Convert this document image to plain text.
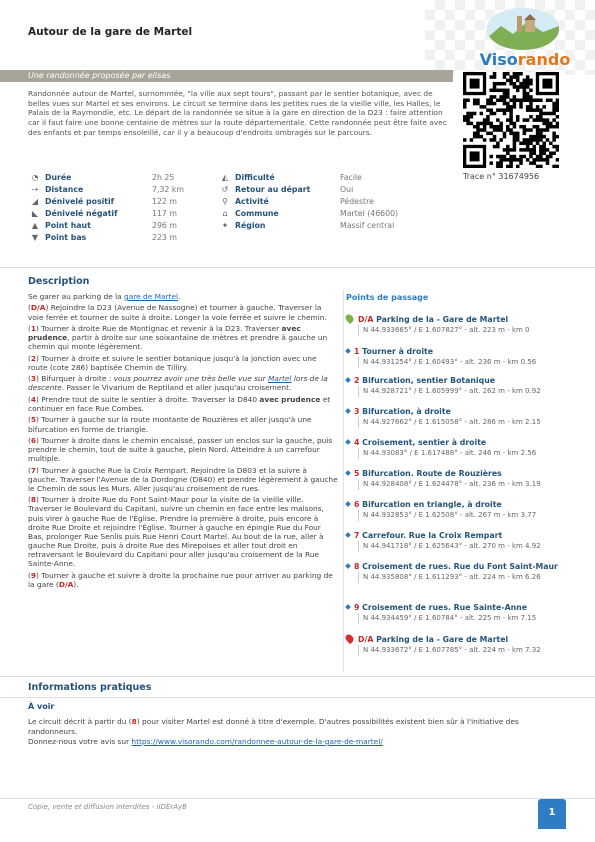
Autour de la gare de Martel
Une randonnée proposée par elisas
Visorando
Trace n° 31674956
Randonnée autour de Martel, surnommée, "la ville aux sept tours", passant par le sentier botanique, avec de belles vues sur Martel et ses environs. Le circuit se termine dans les petites rues de la vieille ville, les Halles, le Palais de la Raymondie, etc. Le départ de la randonnée se situe à la gare en direction de la D23 : faire attention car il faut faire une bonne centaine de mètres sur la route départementale. Cette randonnée peut être faite avec des enfants et par temps ensoleillé, car il y a beaucoup d'endroits ombragés sur le parcours.
◔ Durée	2h 25
⇢ Distance	7,32 km
◢ Dénivelé positif	122 m
◣ Dénivelé négatif	117 m
▲ Point haut	296 m
▼ Point bas	223 m
◭ Difficulté	Facile
↺ Retour au départ	Oui
⚲ Activité	Pédestre
⌂ Commune	Martel (46600)
✦ Région	Massif central
Description

Se garer au parking de la gare de Martel.

(D/A) Rejoindre la D23 (Avenue de Nassogne) et tourner à gauche. Traverser la voie ferrée et tourner de suite à droite. Longer la voie ferrée et suivre le chemin.

(1) Tourner à droite Rue de Montignac et revenir à la D23. Traverser avec prudence, partir à droite sur une soixantaine de mètres et prendre à gauche un chemin qui monte légèrement.

(2) Tourner à droite et suivre le sentier botanique jusqu'à la jonction avec une route (cote 286) baptisée Chemin de Tilliry.

(3) Bifurquer à droite : vous pourrez avoir une très belle vue sur Martel lors de la descente. Passer le Vivarium de Reptiland et aller jusqu'au croisement.

(4) Prendre tout de suite le sentier à droite. Traverser la D840 avec prudence et continuer en face Rue Combes.

(5) Tourner à gauche sur la route montante de Rouzières et aller jusqu'à une bifurcation en forme de triangle.

(6) Tourner à droite dans le chemin encaissé, passer un enclos sur la gauche, puis prendre le chemin, tout de suite à gauche, plein Nord. Atteindre à un carrefour multiple.

(7) Tourner à gauche Rue la Croix Rempart. Rejoindre la D803 et la suivre à gauche. Traverser l'Avenue de la Dordogne (D840) et prendre légèrement à gauche le Chemin de sous les Murs. Aller jusqu'au croisement de rues.

(8) Tourner à droite Rue du Font Saint-Maur pour la visite de la vieille ville. Traverser le Boulevard du Capitani, suivre un chemin en face entre les maisons, puis virer à gauche Rue de l'Église. Prendre la première à droite, puis encore à droite Rue Droite et rejoindre l'Église. Tourner à gauche en épingle Rue du Four Bas, prolonger Rue Senlis puis Rue Henri Court Martel. Au bout de la rue, aller à gauche Rue Droite, puis à droite Rue des Mirepoises et aller tout droit en retraversant le Boulevard du Capitani pour aller jusqu'au croisement de la Rue Sainte-Anne.

(9) Tourner à gauche et suivre à droite la prochaine rue pour arriver au parking de la gare (D/A).

Points de passage
D/A Parking de la - Gare de Martel
N 44.933665° / E 1.607827° - alt. 223 m - km 0
1 Tourner à droite
N 44.931254° / E 1.60493° - alt. 236 m - km 0.56
2 Bifurcation, sentier Botanique
N 44.928721° / E 1.605999° - alt. 262 m - km 0.92
3 Bifurcation, à droite
N 44.927662° / E 1.615058° - alt. 286 m - km 2.15
4 Croisement, sentier à droite
N 44.93083° / E 1.617488° - alt. 246 m - km 2.56
5 Bifurcation. Route de Rouzières
N 44.928408° / E 1.624478° - alt. 236 m - km 3.19
6 Bifurcation en triangle, à droite
N 44.932853° / E 1.62508° - alt. 267 m - km 3.77
7 Carrefour. Rue la Croix Rempart
N 44.941718° / E 1.625643° - alt. 270 m - km 4.92
8 Croisement de rues. Rue du Font Saint-Maur
N 44.935808° / E 1.611293° - alt. 224 m - km 6.26
9 Croisement de rues. Rue Sainte-Anne
N 44.934459° / E 1.60784° - alt. 225 m - km 7.15
D/A Parking de la - Gare de Martel
N 44.933672° / E 1.607785° - alt. 224 m - km 7.32
Informations pratiques
À voir
Le circuit décrit à partir du (8) pour visiter Martel est donné à titre d'exemple. D'autres possibilités existent bien sûr à l'initiative des randonneurs.
Donnez-nous votre avis sur https://www.visorando.com/randonnee-autour-de-la-gare-de-martel/
Copie, vente et diffusion interdites - iIDErAyB	1
